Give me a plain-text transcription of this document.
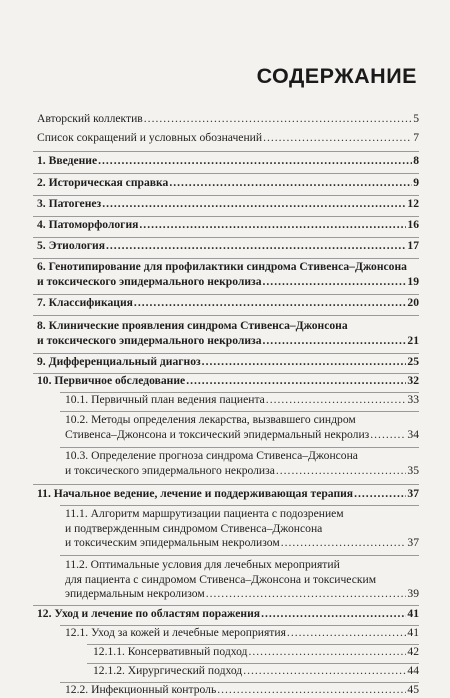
СОДЕРЖАНИЕ
Авторский коллектив .....	5
Список сокращений и условных обозначений .....	7
1. Введение .....	8
2. Историческая справка .....	9
3. Патогенез .....	12
4. Патоморфология .....	16
5. Этиология .....	17
6. Генотипирование для профилактики синдрома Стивенса–Джонсона
и токсического эпидермального некролиза .....	19
7. Классификация .....	20
8. Клинические проявления синдрома Стивенса–Джонсона
и токсического эпидермального некролиза .....	21
9. Дифференциальный диагноз .....	25
10. Первичное обследование .....	32
10.1. Первичный план ведения пациента .....	33
10.2. Методы определения лекарства, вызвавшего синдром
Стивенса–Джонсона и токсический эпидермальный некролиз .....	34
10.3. Определение прогноза синдрома Стивенса–Джонсона
и токсического эпидермального некролиза .....	35
11. Начальное ведение, лечение и поддерживающая терапия .....	37
11.1. Алгоритм маршрутизации пациента с подозрением
и подтвержденным синдромом Стивенса–Джонсона
и токсическим эпидермальным некролизом .....	37
11.2. Оптимальные условия для лечебных мероприятий
для пациента с синдромом Стивенса–Джонсона и токсическим
эпидермальным некролизом .....	39
12. Уход и лечение по областям поражения .....	41
12.1. Уход за кожей и лечебные мероприятия .....	41
12.1.1. Консервативный подход .....	42
12.1.2. Хирургический подход .....	44
12.2. Инфекционный контроль .....	45
